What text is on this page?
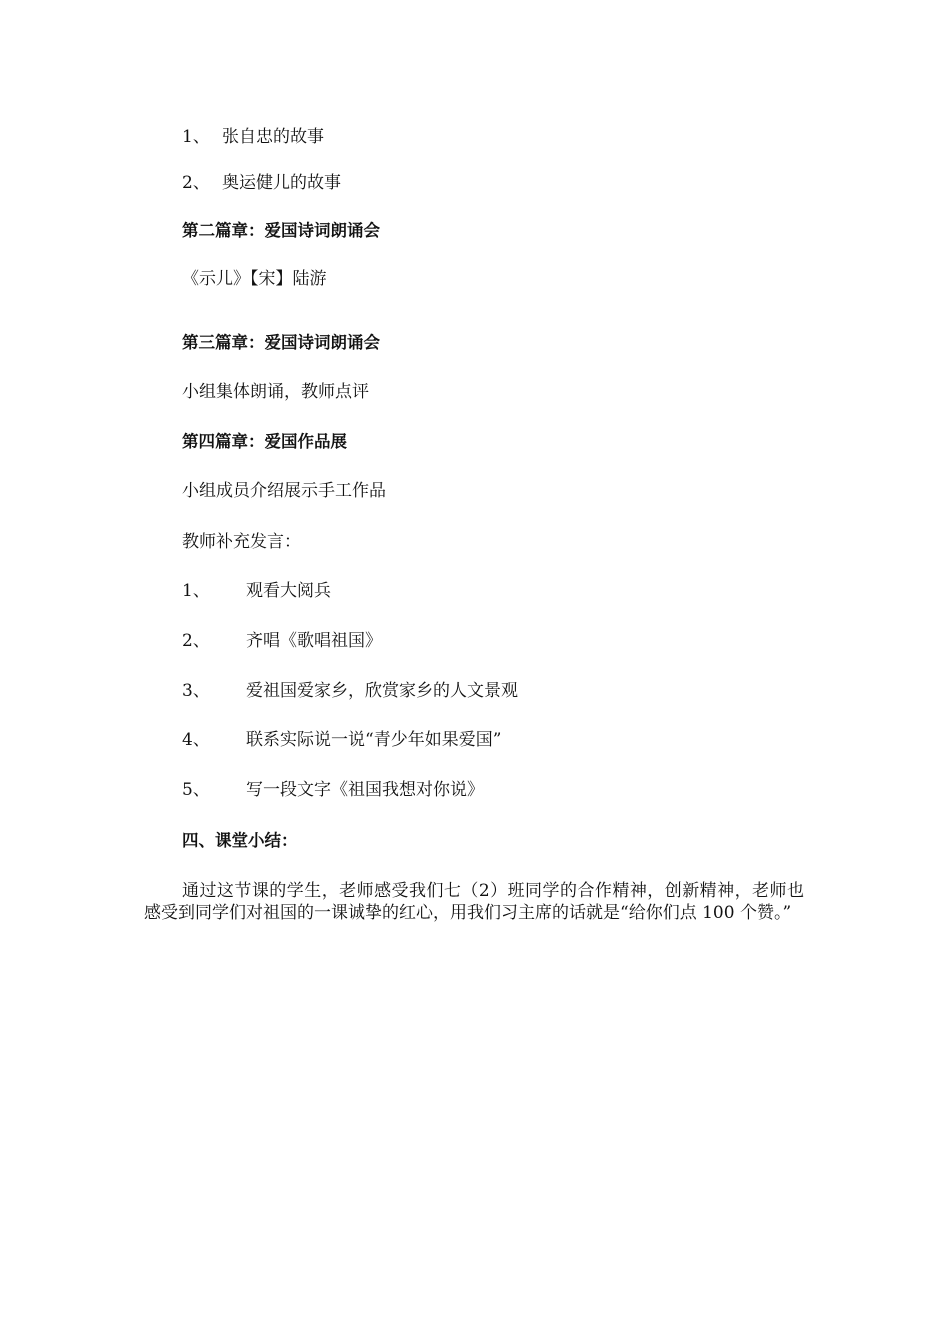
1、 张自忠的故事
2、 奥运健儿的故事
第二篇章：爱国诗词朗诵会
《示儿》【宋】陆游
第三篇章：爱国诗词朗诵会
小组集体朗诵，教师点评
第四篇章：爱国作品展
小组成员介绍展示手工作品
教师补充发言：
1、 观看大阅兵
2、 齐唱《歌唱祖国》
3、 爱祖国爱家乡，欣赏家乡的人文景观
4、 联系实际说一说“青少年如果爱国”
5、 写一段文字《祖国我想对你说》
四、课堂小结：
通过这节课的学生，老师感受我们七（2）班同学的合作精神，创新精神，老师也感受到同学们对祖国的一课诚挚的红心，用我们习主席的话就是“给你们点 100 个赞。”
